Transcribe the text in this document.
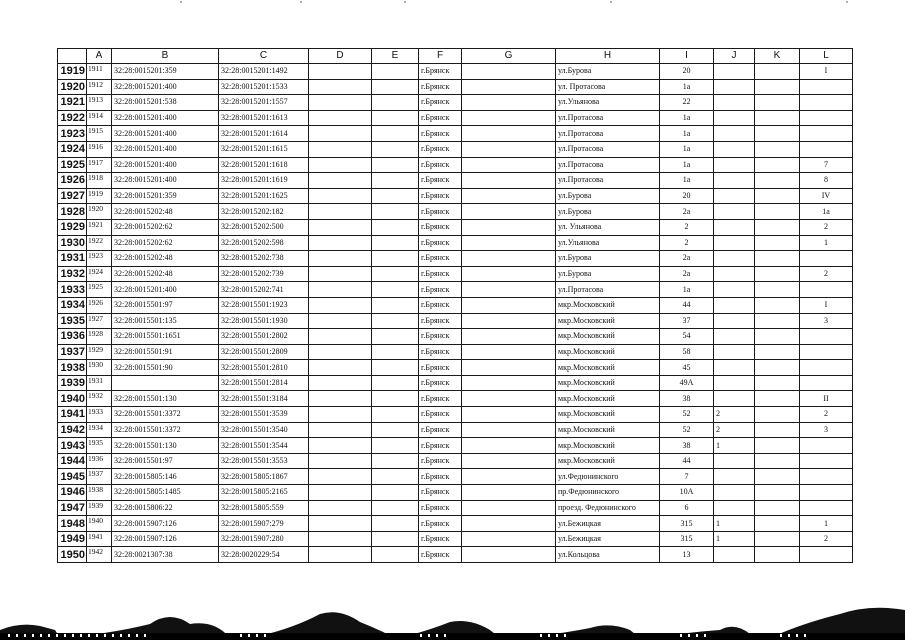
	A	B	C	D	E	F	G	H	I	J	K	L
1919	1911	32:28:0015201:359	32:28:0015201:1492			г.Брянск		ул.Бурова	20			I
1920	1912	32:28:0015201:400	32:28:0015201:1533			г.Брянск		ул. Протасова	1а			
1921	1913	32:28:0015201:538	32:28:0015201:1557			г.Брянск		ул.Ульянова	22			
1922	1914	32:28:0015201:400	32:28:0015201:1613			г.Брянск		ул.Протасова	1а			
1923	1915	32:28:0015201:400	32:28:0015201:1614			г.Брянск		ул.Протасова	1а			
1924	1916	32:28:0015201:400	32:28:0015201:1615			г.Брянск		ул.Протасова	1а			
1925	1917	32:28:0015201:400	32:28:0015201:1618			г.Брянск		ул.Протасова	1а			7
1926	1918	32:28:0015201:400	32:28:0015201:1619			г.Брянск		ул.Протасова	1а			8
1927	1919	32:28:0015201:359	32:28:0015201:1625			г.Брянск		ул.Бурова	20			IV
1928	1920	32:28:0015202:48	32:28:0015202:182			г.Брянск		ул.Бурова	2а			1а
1929	1921	32:28:0015202:62	32:28:0015202:500			г.Брянск		ул. Ульянова	2			2
1930	1922	32:28:0015202:62	32:28:0015202:598			г.Брянск		ул.Ульянова	2			1
1931	1923	32:28:0015202:48	32:28:0015202:738			г.Брянск		ул.Бурова	2а			
1932	1924	32:28:0015202:48	32:28:0015202:739			г.Брянск		ул.Бурова	2а			2
1933	1925	32:28:0015201:400	32:28:0015202:741			г.Брянск		ул.Протасова	1а			
1934	1926	32:28:0015501:97	32:28:0015501:1923			г.Брянск		мкр.Московский	44			I
1935	1927	32:28:0015501:135	32:28:0015501:1930			г.Брянск		мкр.Московский	37			3
1936	1928	32:28:0015501:1651	32:28:0015501:2802			г.Брянск		мкр.Московский	54			
1937	1929	32:28:0015501:91	32:28:0015501:2809			г.Брянск		мкр.Московский	58			
1938	1930	32:28:0015501:90	32:28:0015501:2810			г.Брянск		мкр.Московский	45			
1939	1931		32:28:0015501:2814			г.Брянск		мкр.Московский	49А			
1940	1932	32:28:0015501:130	32:28:0015501:3184			г.Брянск		мкр.Московский	38			II
1941	1933	32:28:0015501:3372	32:28:0015501:3539			г.Брянск		мкр.Московский	52	2		2
1942	1934	32:28:0015501:3372	32:28:0015501:3540			г.Брянск		мкр.Московский	52	2		3
1943	1935	32:28:0015501:130	32:28:0015501:3544			г.Брянск		мкр.Московский	38	1		
1944	1936	32:28:0015501:97	32:28:0015501:3553			г.Брянск		мкр.Московский	44			
1945	1937	32:28:0015805:146	32:28:0015805:1867			г.Брянск		ул.Федюнинского	7			
1946	1938	32:28:0015805:1485	32:28:0015805:2165			г.Брянск		пр.Федюнинского	10А			
1947	1939	32:28:0015806:22	32:28:0015805:559			г.Брянск		проезд. Федюнинского	6			
1948	1940	32:28:0015907:126	32:28:0015907:279			г.Брянск		ул.Бежицкая	315	1		1
1949	1941	32:28:0015907:126	32:28:0015907:280			г.Брянск		ул.Бежицкая	315	1		2
1950	1942	32:28:0021307:38	32:28:0020229:54			г.Брянск		ул.Кольцова	13			
